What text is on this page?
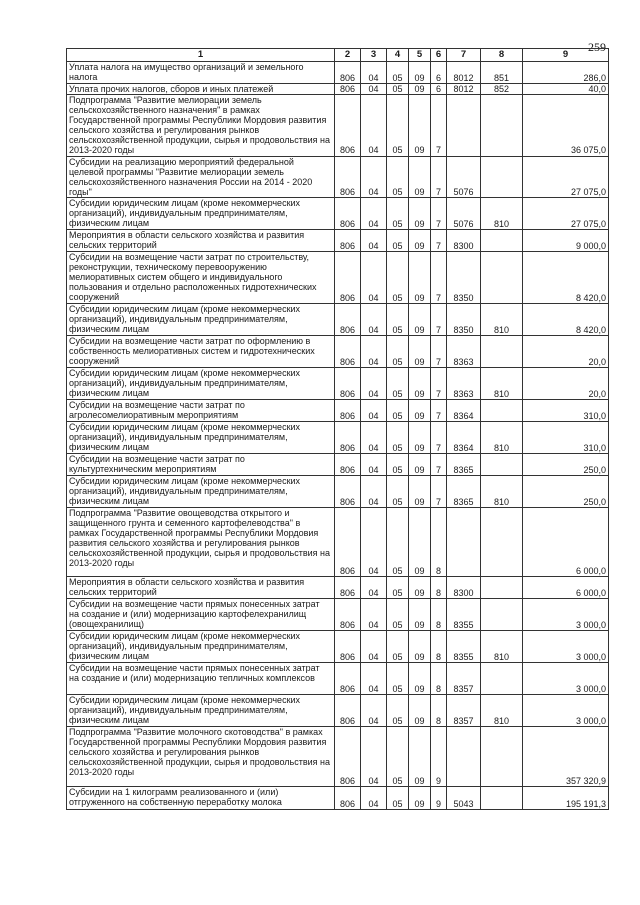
259
1	2	3	4	5	6	7	8	9
Уплата налога на имущество организаций и земельного налога	806	04	05	09	6	8012	851	286,0
Уплата прочих налогов, сборов и иных платежей	806	04	05	09	6	8012	852	40,0
Подпрограмма "Развитие мелиорации земель сельскохозяйственного назначения" в рамках Государственной программы Республики Мордовия развития сельского хозяйства и регулирования рынков сельскохозяйственной продукции, сырья и продовольствия на 2013-2020 годы	806	04	05	09	7			36 075,0
Субсидии на реализацию мероприятий федеральной целевой программы "Развитие мелиорации земель сельскохозяйственного назначения России на 2014 - 2020 годы"	806	04	05	09	7	5076		27 075,0
Субсидии юридическим лицам (кроме некоммерческих организаций), индивидуальным предпринимателям, физическим лицам	806	04	05	09	7	5076	810	27 075,0
Мероприятия в области сельского хозяйства и развития сельских территорий	806	04	05	09	7	8300		9 000,0
Субсидии на возмещение части затрат по строительству, реконструкции, техническому перевооружению мелиоративных систем общего и индивидуального пользования и отдельно расположенных гидротехнических сооружений	806	04	05	09	7	8350		8 420,0
Субсидии юридическим лицам (кроме некоммерческих организаций), индивидуальным предпринимателям, физическим лицам	806	04	05	09	7	8350	810	8 420,0
Субсидии на возмещение части затрат по оформлению в собственность мелиоративных систем и гидротехнических сооружений	806	04	05	09	7	8363		20,0
Субсидии юридическим лицам (кроме некоммерческих организаций), индивидуальным предпринимателям, физическим лицам	806	04	05	09	7	8363	810	20,0
Субсидии на возмещение части затрат по агролесомелиоративным мероприятиям	806	04	05	09	7	8364		310,0
Субсидии юридическим лицам (кроме некоммерческих организаций), индивидуальным предпринимателям, физическим лицам	806	04	05	09	7	8364	810	310,0
Субсидии на возмещение части затрат по культуртехническим мероприятиям	806	04	05	09	7	8365		250,0
Субсидии юридическим лицам (кроме некоммерческих организаций), индивидуальным предпринимателям, физическим лицам	806	04	05	09	7	8365	810	250,0
Подпрограмма "Развитие овощеводства открытого и защищенного грунта и семенного картофелеводства" в рамках Государственной программы Республики Мордовия развития сельского хозяйства и регулирования рынков сельскохозяйственной продукции, сырья и продовольствия на 2013-2020 годы	806	04	05	09	8			6 000,0
Мероприятия в области сельского хозяйства и развития сельских территорий	806	04	05	09	8	8300		6 000,0
Субсидии на возмещение части прямых понесенных затрат на создание и (или) модернизацию картофелехранилищ (овощехранилищ)	806	04	05	09	8	8355		3 000,0
Субсидии юридическим лицам (кроме некоммерческих организаций), индивидуальным предпринимателям, физическим лицам	806	04	05	09	8	8355	810	3 000,0
Субсидии на возмещение части прямых понесенных затрат на создание и (или) модернизацию тепличных комплексов	806	04	05	09	8	8357		3 000,0
Субсидии юридическим лицам (кроме некоммерческих организаций), индивидуальным предпринимателям, физическим лицам	806	04	05	09	8	8357	810	3 000,0
Подпрограмма "Развитие молочного скотоводства" в рамках Государственной программы Республики Мордовия развития сельского хозяйства и регулирования рынков сельскохозяйственной продукции, сырья и продовольствия на 2013-2020 годы	806	04	05	09	9			357 320,9
Субсидии на 1 килограмм реализованного и (или) отгруженного на собственную переработку молока	806	04	05	09	9	5043		195 191,3
